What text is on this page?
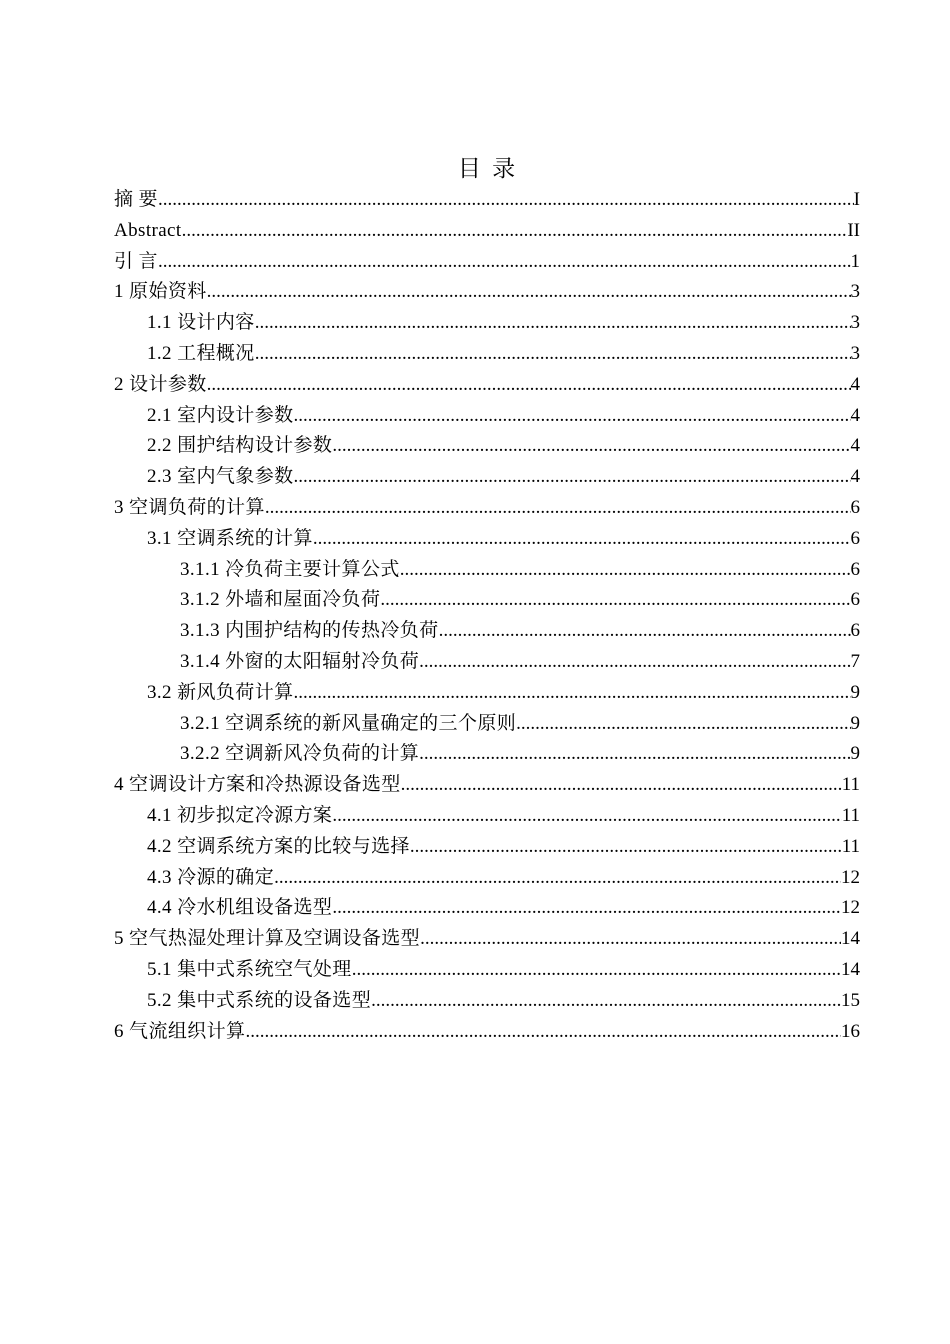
目 录
摘 要 .....	I
Abstract .....	II
引 言 .....	1
1 原始资料 .....	3
1.1 设计内容 .....	3
1.2 工程概况 .....	3
2 设计参数 .....	4
2.1 室内设计参数 .....	4
2.2 围护结构设计参数 .....	4
2.3 室内气象参数 .....	4
3 空调负荷的计算 .....	6
3.1 空调系统的计算 .....	6
3.1.1 冷负荷主要计算公式 .....	6
3.1.2 外墙和屋面冷负荷 .....	6
3.1.3 内围护结构的传热冷负荷 .....	6
3.1.4 外窗的太阳辐射冷负荷 .....	7
3.2 新风负荷计算 .....	9
3.2.1 空调系统的新风量确定的三个原则 .....	9
3.2.2 空调新风冷负荷的计算 .....	9
4 空调设计方案和冷热源设备选型 .....	11
4.1 初步拟定冷源方案 .....	11
4.2 空调系统方案的比较与选择 .....	11
4.3 冷源的确定 .....	12
4.4 冷水机组设备选型 .....	12
5 空气热湿处理计算及空调设备选型 .....	14
5.1 集中式系统空气处理 .....	14
5.2 集中式系统的设备选型 .....	15
6 气流组织计算 .....	16
